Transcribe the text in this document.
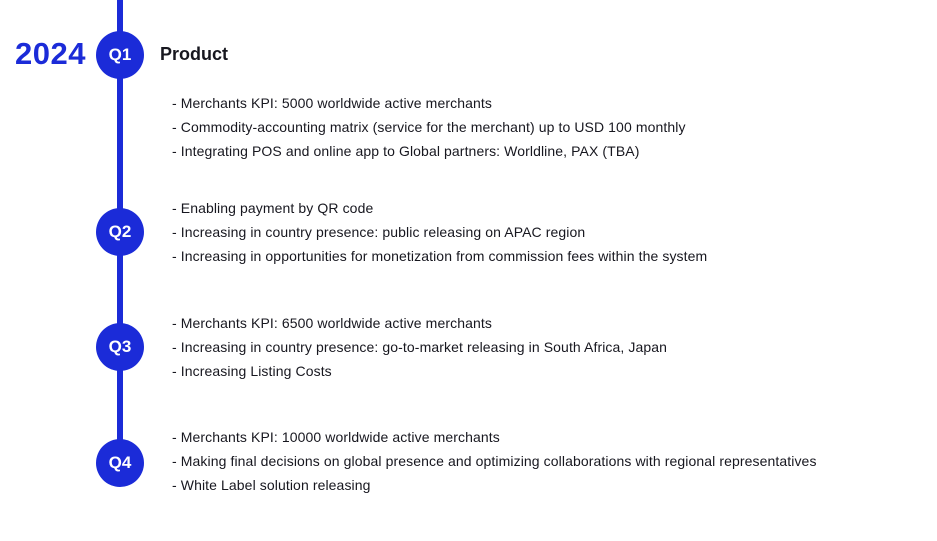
2024 Q1
Q2
Q3
Q4
Product
- Merchants KPI: 5000 worldwide active merchants
- Commodity-accounting matrix (service for the merchant) up to USD 100 monthly
- Integrating POS and online app to Global partners: Worldline, PAX (TBA)
- Enabling payment by QR code
- Increasing in country presence: public releasing on APAC region
- Increasing in opportunities for monetization from commission fees within the system
- Merchants KPI: 6500 worldwide active merchants
- Increasing in country presence: go-to-market releasing in South Africa, Japan
- Increasing Listing Costs
- Merchants KPI: 10000 worldwide active merchants
- Making final decisions on global presence and optimizing collaborations with regional representatives
- White Label solution releasing
